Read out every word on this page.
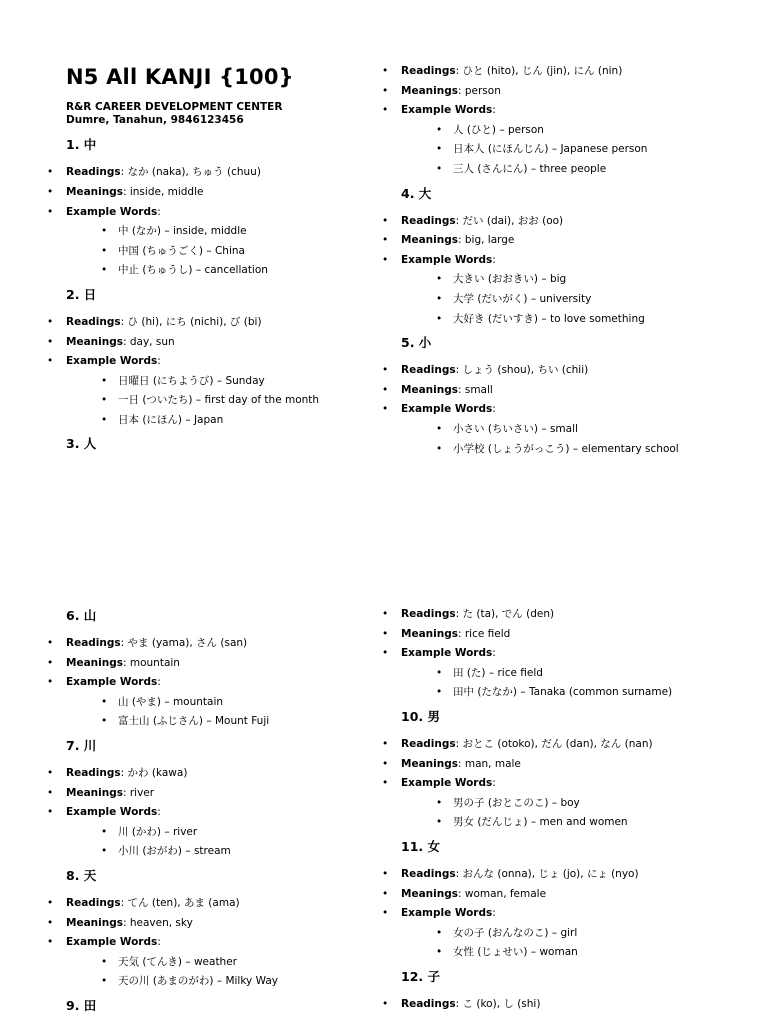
N5 All KANJI {100}
R&R CAREER DEVELOPMENT CENTER
Dumre, Tanahun, 9846123456
1. 中
• Readings: なか (naka), ちゅう (chuu)
• Meanings: inside, middle
• Example Words:
• 中 (なか) – inside, middle
• 中国 (ちゅうごく) – China
• 中止 (ちゅうし) – cancellation
2. 日
• Readings: ひ (hi), にち (nichi), び (bi)
• Meanings: day, sun
• Example Words:
• 日曜日 (にちようび) – Sunday
• 一日 (ついたち) – first day of the month
• 日本 (にほん) – Japan
3. 人
• Readings: ひと (hito), じん (jin), にん (nin)
• Meanings: person
• Example Words:
• 人 (ひと) – person
• 日本人 (にほんじん) – Japanese person
• 三人 (さんにん) – three people
4. 大
• Readings: だい (dai), おお (oo)
• Meanings: big, large
• Example Words:
• 大きい (おおきい) – big
• 大学 (だいがく) – university
• 大好き (だいすき) – to love something
5. 小
• Readings: しょう (shou), ちい (chii)
• Meanings: small
• Example Words:
• 小さい (ちいさい) – small
• 小学校 (しょうがっこう) – elementary school
6. 山
• Readings: やま (yama), さん (san)
• Meanings: mountain
• Example Words:
• 山 (やま) – mountain
• 富士山 (ふじさん) – Mount Fuji
7. 川
• Readings: かわ (kawa)
• Meanings: river
• Example Words:
• 川 (かわ) – river
• 小川 (おがわ) – stream
8. 天
• Readings: てん (ten), あま (ama)
• Meanings: heaven, sky
• Example Words:
• 天気 (てんき) – weather
• 天の川 (あまのがわ) – Milky Way
9. 田
• Readings: た (ta), でん (den)
• Meanings: rice field
• Example Words:
• 田 (た) – rice field
• 田中 (たなか) – Tanaka (common surname)
10. 男
• Readings: おとこ (otoko), だん (dan), なん (nan)
• Meanings: man, male
• Example Words:
• 男の子 (おとこのこ) – boy
• 男女 (だんじょ) – men and women
11. 女
• Readings: おんな (onna), じょ (jo), にょ (nyo)
• Meanings: woman, female
• Example Words:
• 女の子 (おんなのこ) – girl
• 女性 (じょせい) – woman
12. 子
• Readings: こ (ko), し (shi)
